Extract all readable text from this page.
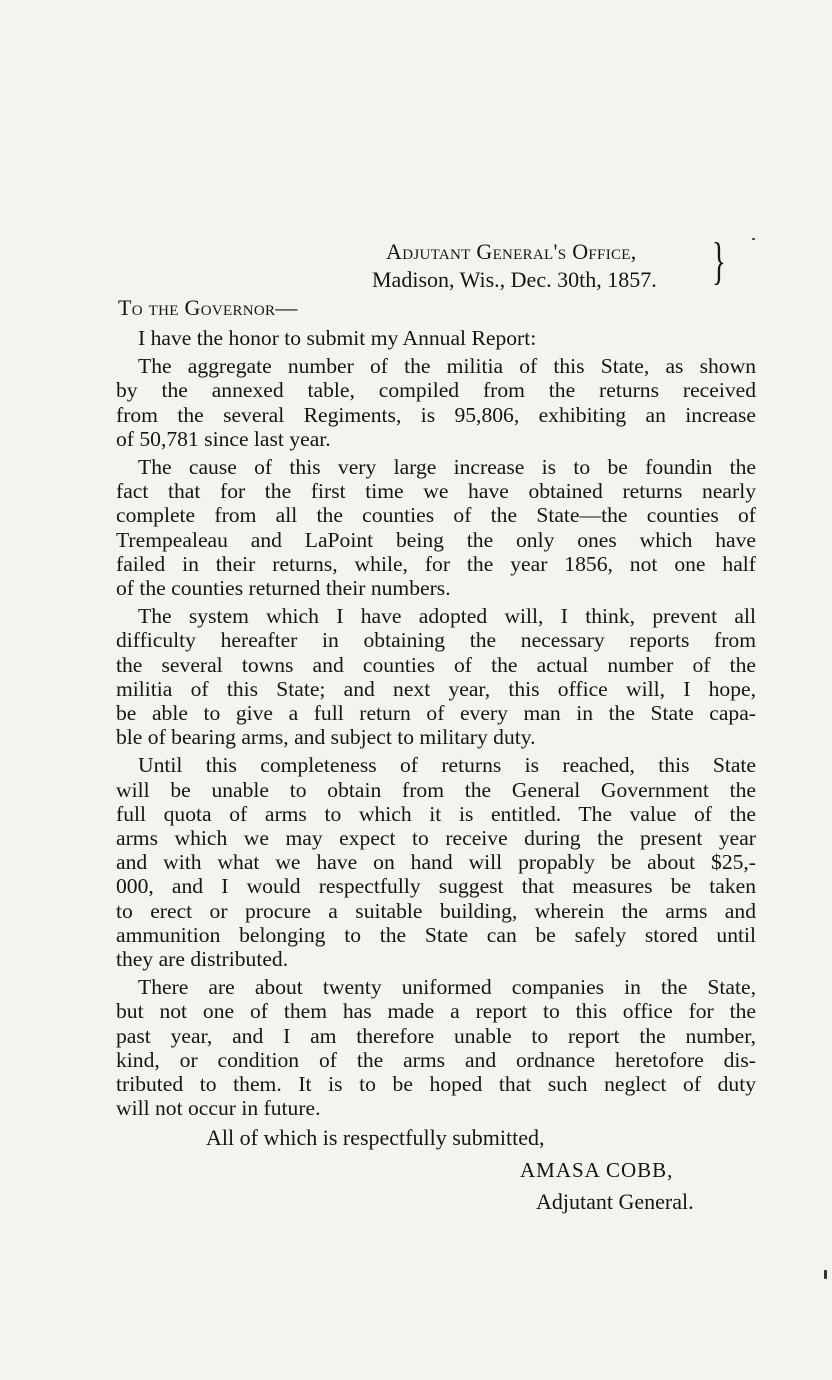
Adjutant General's Office,
Madison, Wis., Dec. 30th, 1857.	}
To the Governor—
I have the honor to submit my Annual Report:
The aggregate number of the militia of this State, as shown
by the annexed table, compiled from the returns received
from the several Regiments, is 95,806, exhibiting an increase
of 50,781 since last year.
The cause of this very large increase is to be foundin the
fact that for the first time we have obtained returns nearly
complete from all the counties of the State—the counties of
Trempealeau and LaPoint being the only ones which have
failed in their returns, while, for the year 1856, not one half
of the counties returned their numbers.
The system which I have adopted will, I think, prevent all
difficulty hereafter in obtaining the necessary reports from
the several towns and counties of the actual number of the
militia of this State; and next year, this office will, I hope,
be able to give a full return of every man in the State capa-
ble of bearing arms, and subject to military duty.
Until this completeness of returns is reached, this State
will be unable to obtain from the General Government the
full quota of arms to which it is entitled. The value of the
arms which we may expect to receive during the present year
and with what we have on hand will propably be about $25,-
000, and I would respectfully suggest that measures be taken
to erect or procure a suitable building, wherein the arms and
ammunition belonging to the State can be safely stored until
they are distributed.
There are about twenty uniformed companies in the State,
but not one of them has made a report to this office for the
past year, and I am therefore unable to report the number,
kind, or condition of the arms and ordnance heretofore dis-
tributed to them. It is to be hoped that such neglect of duty
will not occur in future.
All of which is respectfully submitted,
AMASA COBB,
Adjutant General.
